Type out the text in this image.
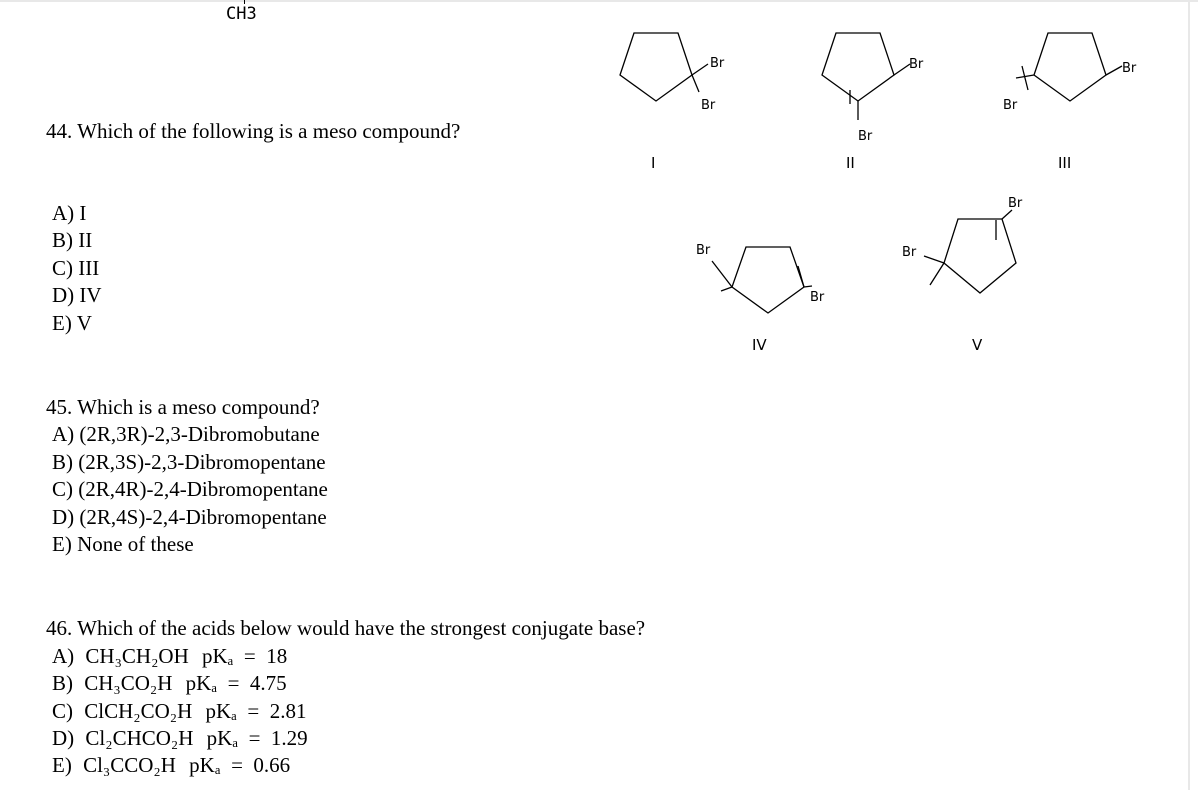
CH3
44. Which of the following is a meso compound?
A) I
B) II
C) III
D) IV
E) V
Br
Br
Br
Br
Br
Br
Br
Br
Br
Br
I	II	III
IV	V
45. Which is a meso compound?
A) (2R,3R)-2,3-Dibromobutane
B) (2R,3S)-2,3-Dibromopentane
C) (2R,4R)-2,4-Dibromopentane
D) (2R,4S)-2,4-Dibromopentane
E) None of these
46. Which of the acids below would have the strongest conjugate base?
A) CH₃CH₂OH pKₐ  =  18
B) CH₃CO₂H pKₐ  =  4.75
C) ClCH₂CO₂H pKₐ  =  2.81
D) Cl₂CHCO₂H pKₐ  =  1.29
E) Cl₃CCO₂H pKₐ  =  0.66
